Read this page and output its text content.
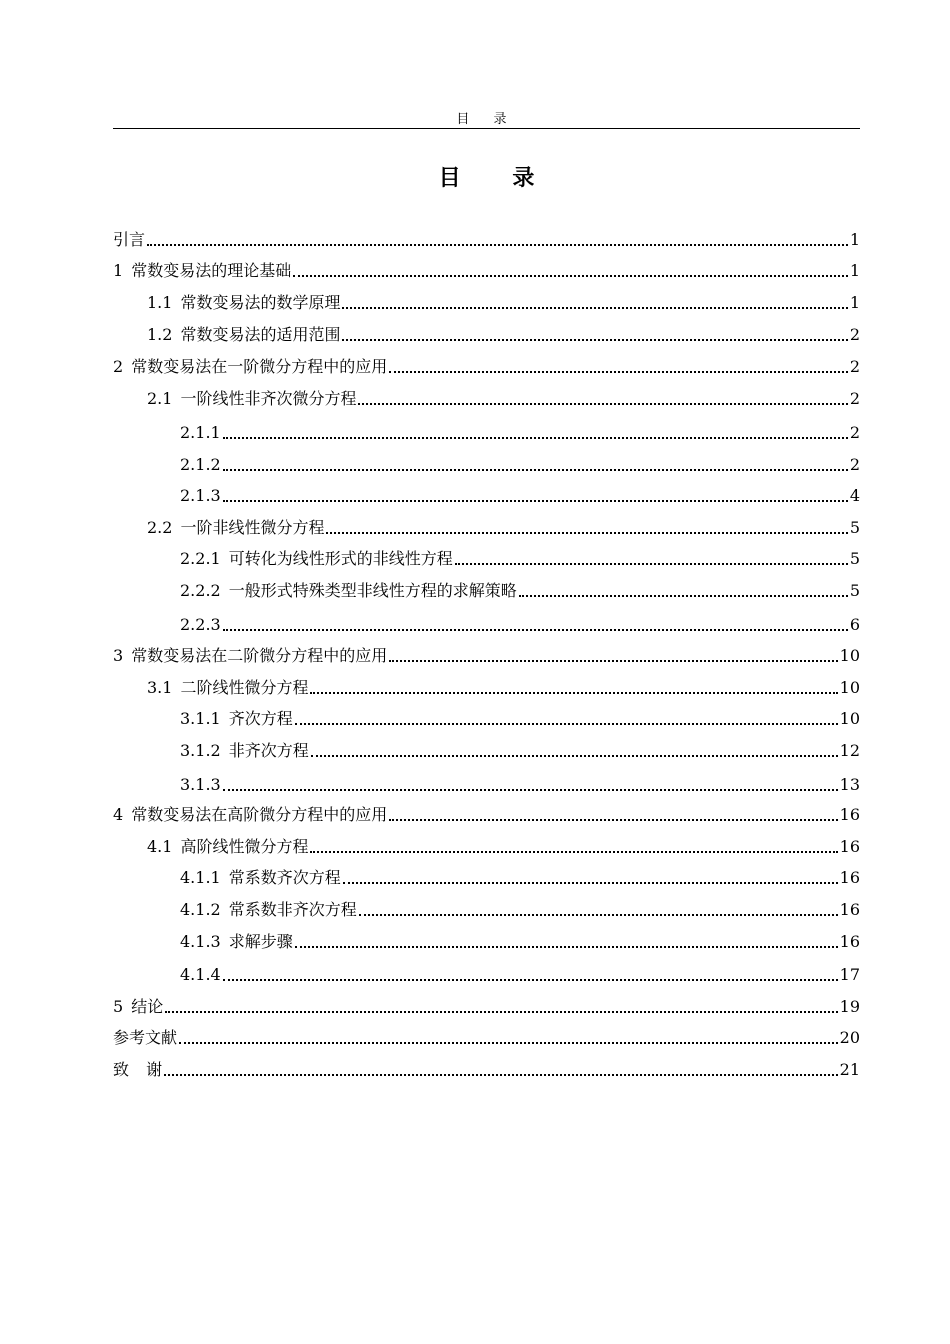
目 录
目 录
引言	1
1 常数变易法的理论基础	1
1.1 常数变易法的数学原理	1
1.2 常数变易法的适用范围	2
2 常数变易法在一阶微分方程中的应用	2
2.1 一阶线性非齐次微分方程	2
2.1.1	2
2.1.2	2
2.1.3	4
2.2 一阶非线性微分方程	5
2.2.1 可转化为线性形式的非线性方程	5
2.2.2 一般形式特殊类型非线性方程的求解策略	5
2.2.3	6
3 常数变易法在二阶微分方程中的应用	10
3.1 二阶线性微分方程	10
3.1.1 齐次方程	10
3.1.2 非齐次方程	12
3.1.3	13
4 常数变易法在高阶微分方程中的应用	16
4.1 高阶线性微分方程	16
4.1.1 常系数齐次方程	16
4.1.2 常系数非齐次方程	16
4.1.3 求解步骤	16
4.1.4	17
5 结论	19
参考文献	20
致 谢	21
